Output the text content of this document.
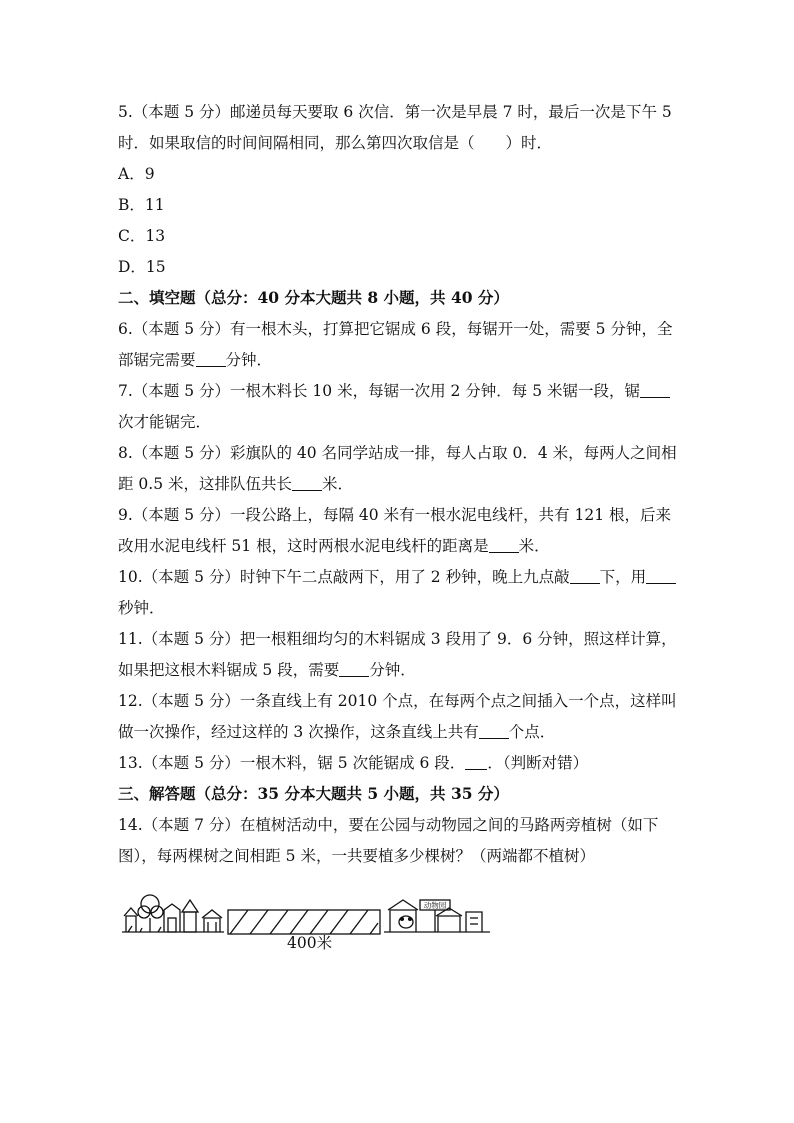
5.（本题 5 分）邮递员每天要取 6 次信．第一次是早晨 7 时，最后一次是下午 5
时．如果取信的时间间隔相同，那么第四次取信是（　　）时．
A．9
B．11
C．13
D．15
二、填空题（总分：40 分本大题共 8 小题，共 40 分）
6.（本题 5 分）有一根木头，打算把它锯成 6 段，每锯开一处，需要 5 分钟，全
部锯完需要 分钟．
7.（本题 5 分）一根木料长 10 米，每锯一次用 2 分钟．每 5 米锯一段，锯
次才能锯完．
8.（本题 5 分）彩旗队的 40 名同学站成一排，每人占取 0．4 米，每两人之间相
距 0.5 米，这排队伍共长 米．
9.（本题 5 分）一段公路上，每隔 40 米有一根水泥电线杆，共有 121 根，后来
改用水泥电线杆 51 根，这时两根水泥电线杆的距离是 米．
10.（本题 5 分）时钟下午二点敲两下，用了 2 秒钟，晚上九点敲 下，用
秒钟．
11.（本题 5 分）把一根粗细均匀的木料锯成 3 段用了 9．6 分钟，照这样计算，
如果把这根木料锯成 5 段，需要 分钟．
12.（本题 5 分）一条直线上有 2010 个点，在每两个点之间插入一个点，这样叫
做一次操作，经过这样的 3 次操作，这条直线上共有 个点．
13.（本题 5 分）一根木料，锯 5 次能锯成 6 段． ．（判断对错）
三、解答题（总分：35 分本大题共 5 小题，共 35 分）
14.（本题 7 分）在植树活动中，要在公园与动物园之间的马路两旁植树（如下
图），每两棵树之间相距 5 米，一共要植多少棵树？（两端都不植树）
动物园
400米
